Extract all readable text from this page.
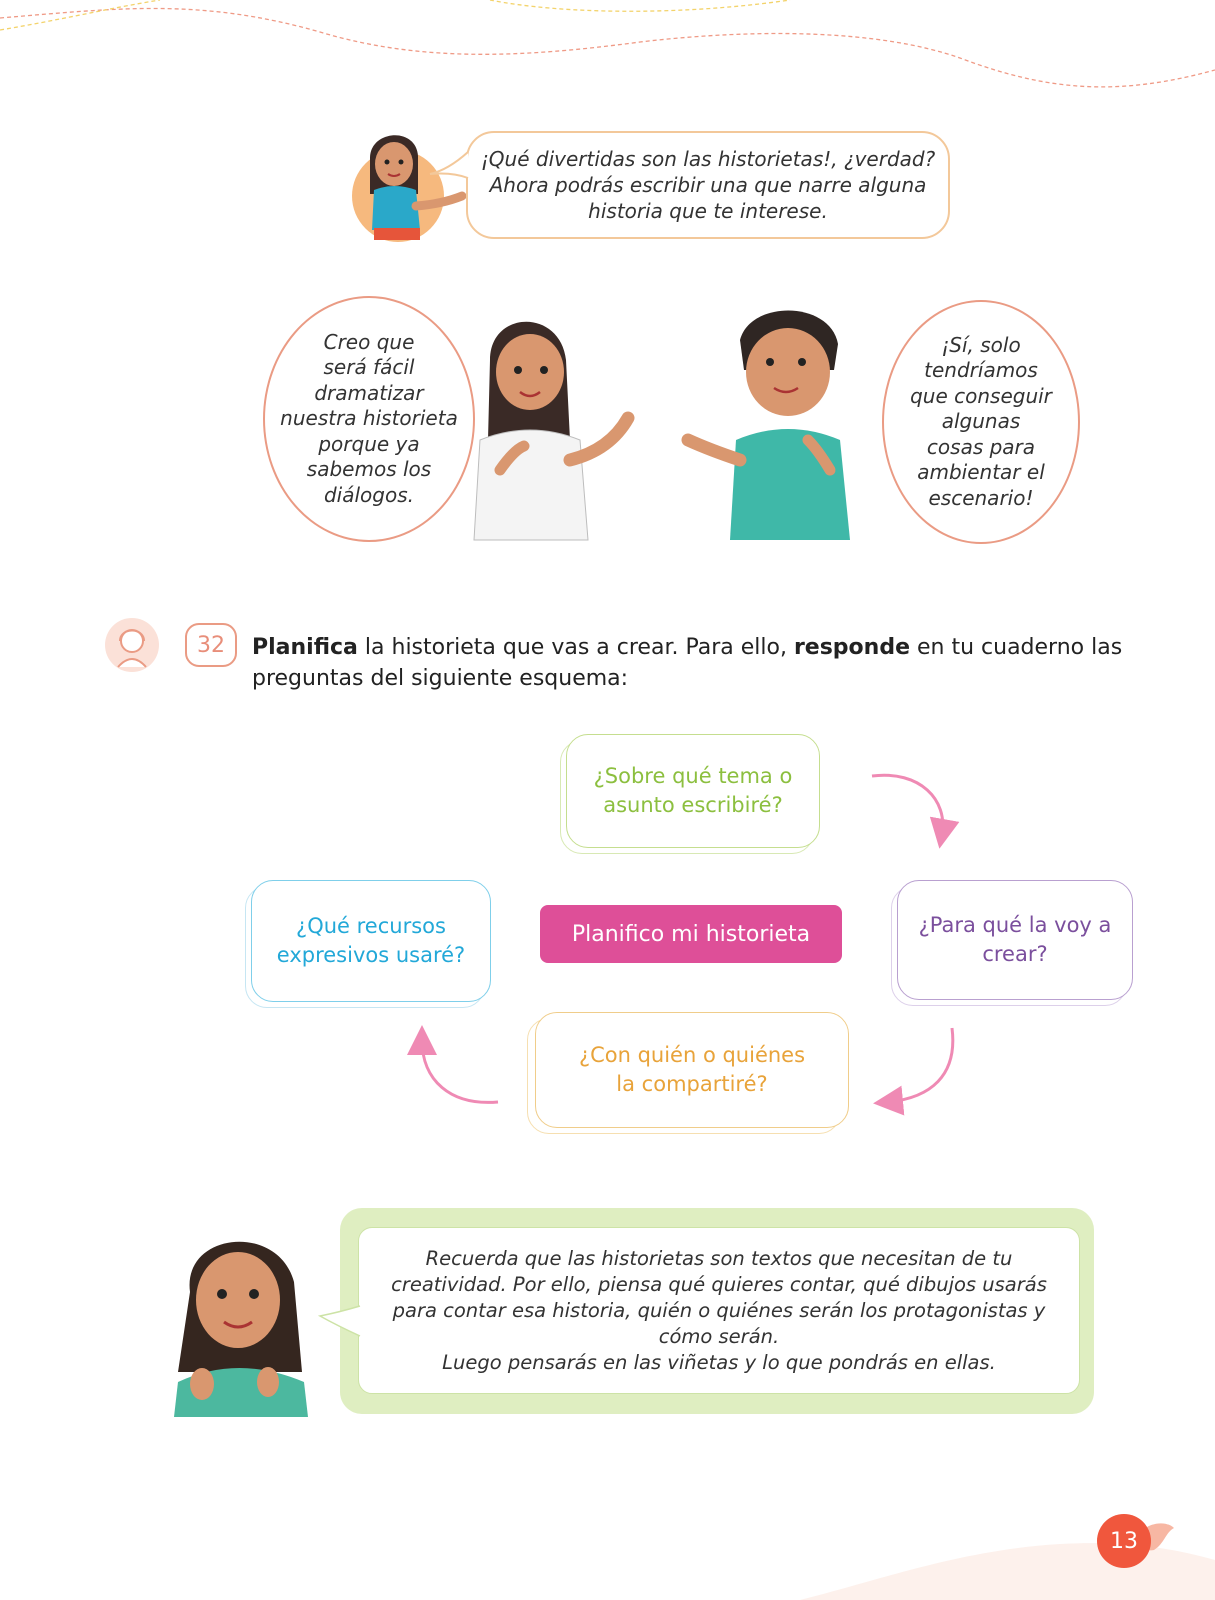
¡Qué divertidas son las historietas!, ¿verdad?
Ahora podrás escribir una que narre alguna
historia que te interese.
Creo que
será fácil
dramatizar
nuestra historieta
porque ya
sabemos los
diálogos.
¡Sí, solo
tendríamos
que conseguir
algunas
cosas para
ambientar el
escenario!
32	Planifica la historieta que vas a crear. Para ello, responde en tu cuaderno las preguntas del siguiente esquema:
¿Sobre qué tema o
asunto escribiré?
¿Para qué la voy a
crear?
¿Con quién o quiénes
la compartiré?
¿Qué recursos
expresivos usaré?
Planifico mi historieta
Recuerda que las historietas son textos que necesitan de tu
creatividad. Por ello, piensa qué quieres contar, qué dibujos usarás
para contar esa historia, quién o quiénes serán los protagonistas y
cómo serán.
Luego pensarás en las viñetas y lo que pondrás en ellas.
13
